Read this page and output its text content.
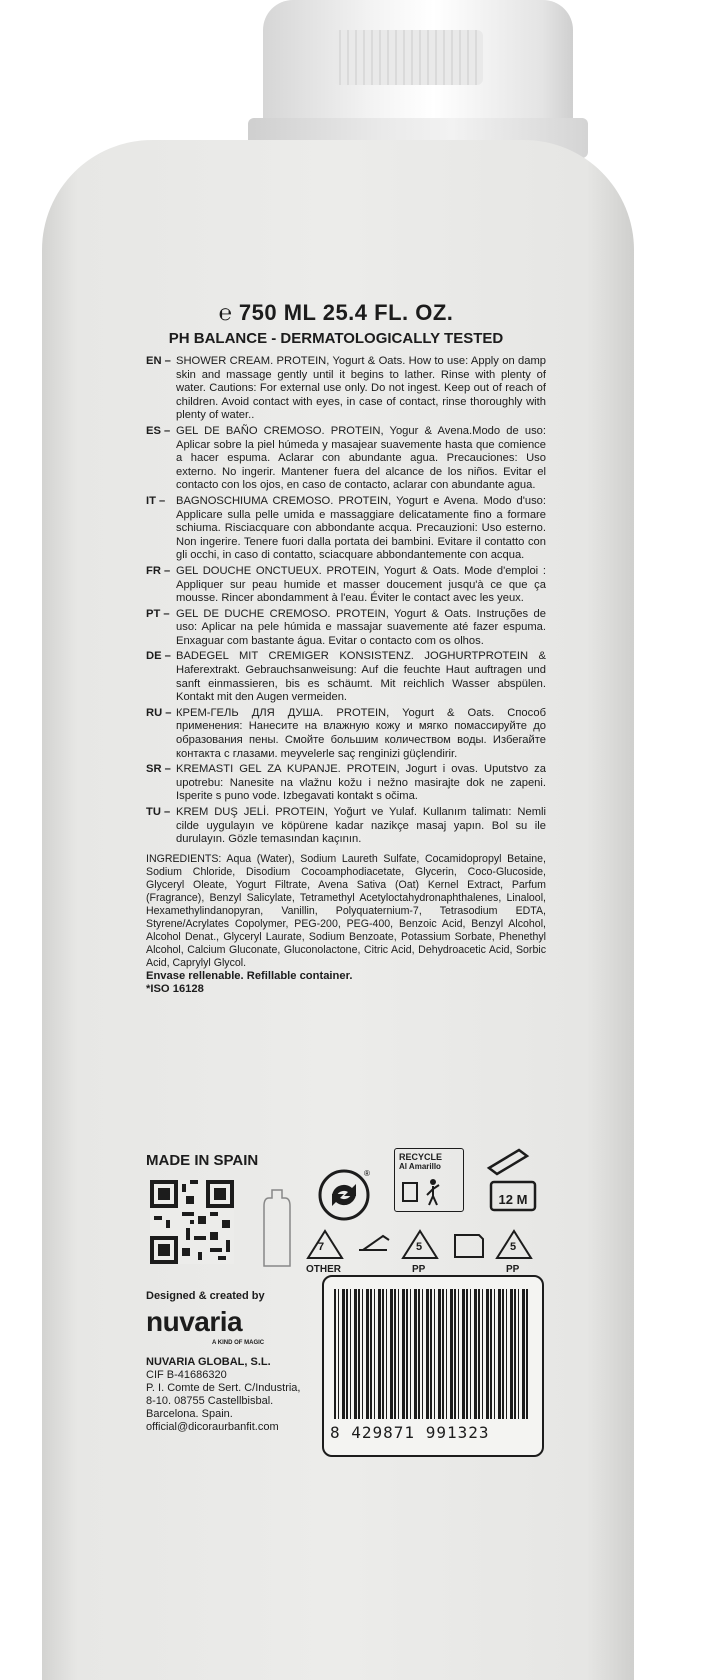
℮ 750 ML 25.4 FL. OZ.
PH BALANCE - DERMATOLOGICALLY TESTED
EN – SHOWER CREAM. PROTEIN, Yogurt & Oats. How to use: Apply on damp skin and massage gently until it begins to lather. Rinse with plenty of water. Cautions: For external use only. Do not ingest. Keep out of reach of children. Avoid contact with eyes, in case of contact, rinse thoroughly with plenty of water..
ES – GEL DE BAÑO CREMOSO. PROTEIN, Yogur & Avena.Modo de uso: Aplicar sobre la piel húmeda y masajear suavemente hasta que comience a hacer espuma. Aclarar con abundante agua. Precauciones: Uso externo. No ingerir. Mantener fuera del alcance de los niños. Evitar el contacto con los ojos, en caso de contacto, aclarar con abundante agua.
IT – BAGNOSCHIUMA CREMOSO. PROTEIN, Yogurt e Avena. Modo d'uso: Applicare sulla pelle umida e massaggiare delicatamente fino a formare schiuma. Risciacquare con abbondante acqua. Precauzioni: Uso esterno. Non ingerire. Tenere fuori dalla portata dei bambini. Evitare il contatto con gli occhi, in caso di contatto, sciacquare abbondantemente con acqua.
FR – GEL DOUCHE ONCTUEUX. PROTEIN, Yogurt & Oats. Mode d'emploi : Appliquer sur peau humide et masser doucement jusqu'à ce que ça mousse. Rincer abondamment à l'eau. Éviter le contact avec les yeux.
PT – GEL DE DUCHE CREMOSO. PROTEIN, Yogurt & Oats. Instruções de uso: Aplicar na pele húmida e massajar suavemente até fazer espuma. Enxaguar com bastante água. Evitar o contacto com os olhos.
DE – BADEGEL MIT CREMIGER KONSISTENZ. JOGHURTPROTEIN & Haferextrakt. Gebrauchsanweisung: Auf die feuchte Haut auftragen und sanft einmassieren, bis es schäumt. Mit reichlich Wasser abspülen. Kontakt mit den Augen vermeiden.
RU – КРЕМ-ГЕЛЬ ДЛЯ ДУША. PROTEIN, Yogurt & Oats. Способ применения: Нанесите на влажную кожу и мягко помассируйте до образования пены. Смойте большим количеством воды. Избегайте контакта с глазами. meyvelerle saç renginizi güçlendirir.
SR – KREMASTI GEL ZA KUPANJE. PROTEIN, Jogurt i ovas. Uputstvo za upotrebu: Nanesite na vlažnu kožu i nežno masirajte dok ne zapeni. Isperite s puno vode. Izbegavati kontakt s očima.
TU – KREM DUŞ JELİ. PROTEIN, Yoğurt ve Yulaf. Kullanım talimatı: Nemli cilde uygulayın ve köpürene kadar nazikçe masaj yapın. Bol su ile durulayın. Gözle temasından kaçının.
INGREDIENTS: Aqua (Water), Sodium Laureth Sulfate, Cocamidopropyl Betaine, Sodium Chloride, Disodium Cocoamphodiacetate, Glycerin, Coco-Glucoside, Glyceryl Oleate, Yogurt Filtrate, Avena Sativa (Oat) Kernel Extract, Parfum (Fragrance), Benzyl Salicylate, Tetramethyl Acetyloctahydronaphthalenes, Linalool, Hexamethylindanopyran, Vanillin, Polyquaternium-7, Tetrasodium EDTA, Styrene/Acrylates Copolymer, PEG-200, PEG-400, Benzoic Acid, Benzyl Alcohol, Alcohol Denat., Glyceryl Laurate, Sodium Benzoate, Potassium Sorbate, Phenethyl Alcohol, Calcium Gluconate, Gluconolactone, Citric Acid, Dehydroacetic Acid, Sorbic Acid, Caprylyl Glycol.
Envase rellenable. Refillable container.
*ISO 16128
MADE IN SPAIN
®
RECYCLE
Al Amarillo
12 M
7
OTHER
5
PP
5
PP
Designed & created by
nuvaria
A KIND OF MAGIC
NUVARIA GLOBAL, S.L.
CIF B-41686320
P. I. Comte de Sert. C/Industria,
8-10. 08755 Castellbisbal.
Barcelona. Spain.
official@dicoraurbanfit.com	8 429871 991323
